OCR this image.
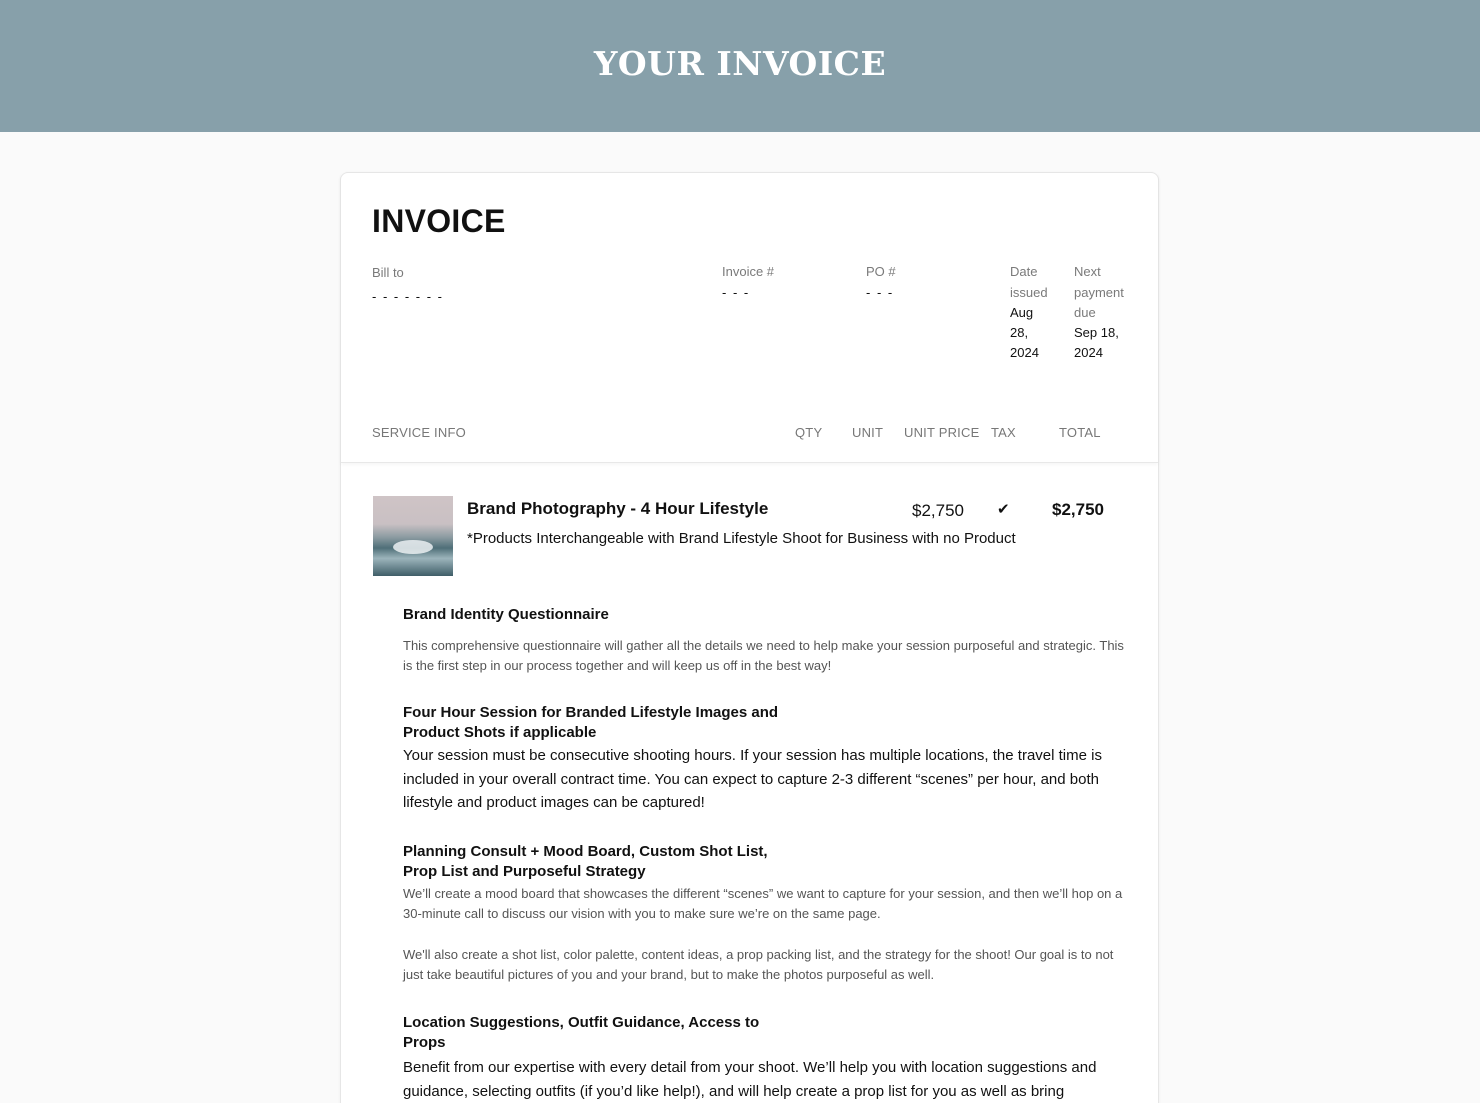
YOUR INVOICE
INVOICE
Bill to
- - - - - - -
Invoice #
- - -
PO #
- - -
Date
issued
Aug
28,
2024
Next
payment
due
Sep 18,
2024
SERVICE INFO	QTY UNIT UNIT PRICE TAX	TOTAL
Brand Photography - 4 Hour Lifestyle
*Products Interchangeable with Brand Lifestyle Shoot for Business with no Product
$2,750 ✔ $2,750
Brand Identity Questionnaire
This comprehensive questionnaire will gather all the details we need to help make your session purposeful and strategic. This is the first step in our process together and will keep us off in the best way!
Four Hour Session for Branded Lifestyle Images and
Product Shots if applicable
Your session must be consecutive shooting hours. If your session has multiple locations, the travel time is included in your overall contract time. You can expect to capture 2-3 different “scenes” per hour, and both lifestyle and product images can be captured!
Planning Consult + Mood Board, Custom Shot List,
Prop List and Purposeful Strategy
We’ll create a mood board that showcases the different “scenes” we want to capture for your session, and then we’ll hop on a 30-minute call to discuss our vision with you to make sure we’re on the same page.
We'll also create a shot list, color palette, content ideas, a prop packing list, and the strategy for the shoot! Our goal is to not just take beautiful pictures of you and your brand, but to make the photos purposeful as well.
Location Suggestions, Outfit Guidance, Access to
Props
Benefit from our expertise with every detail from your shoot. We’ll help you with location suggestions and guidance, selecting outfits (if you’d like help!), and will help create a prop list for you as well as bring
